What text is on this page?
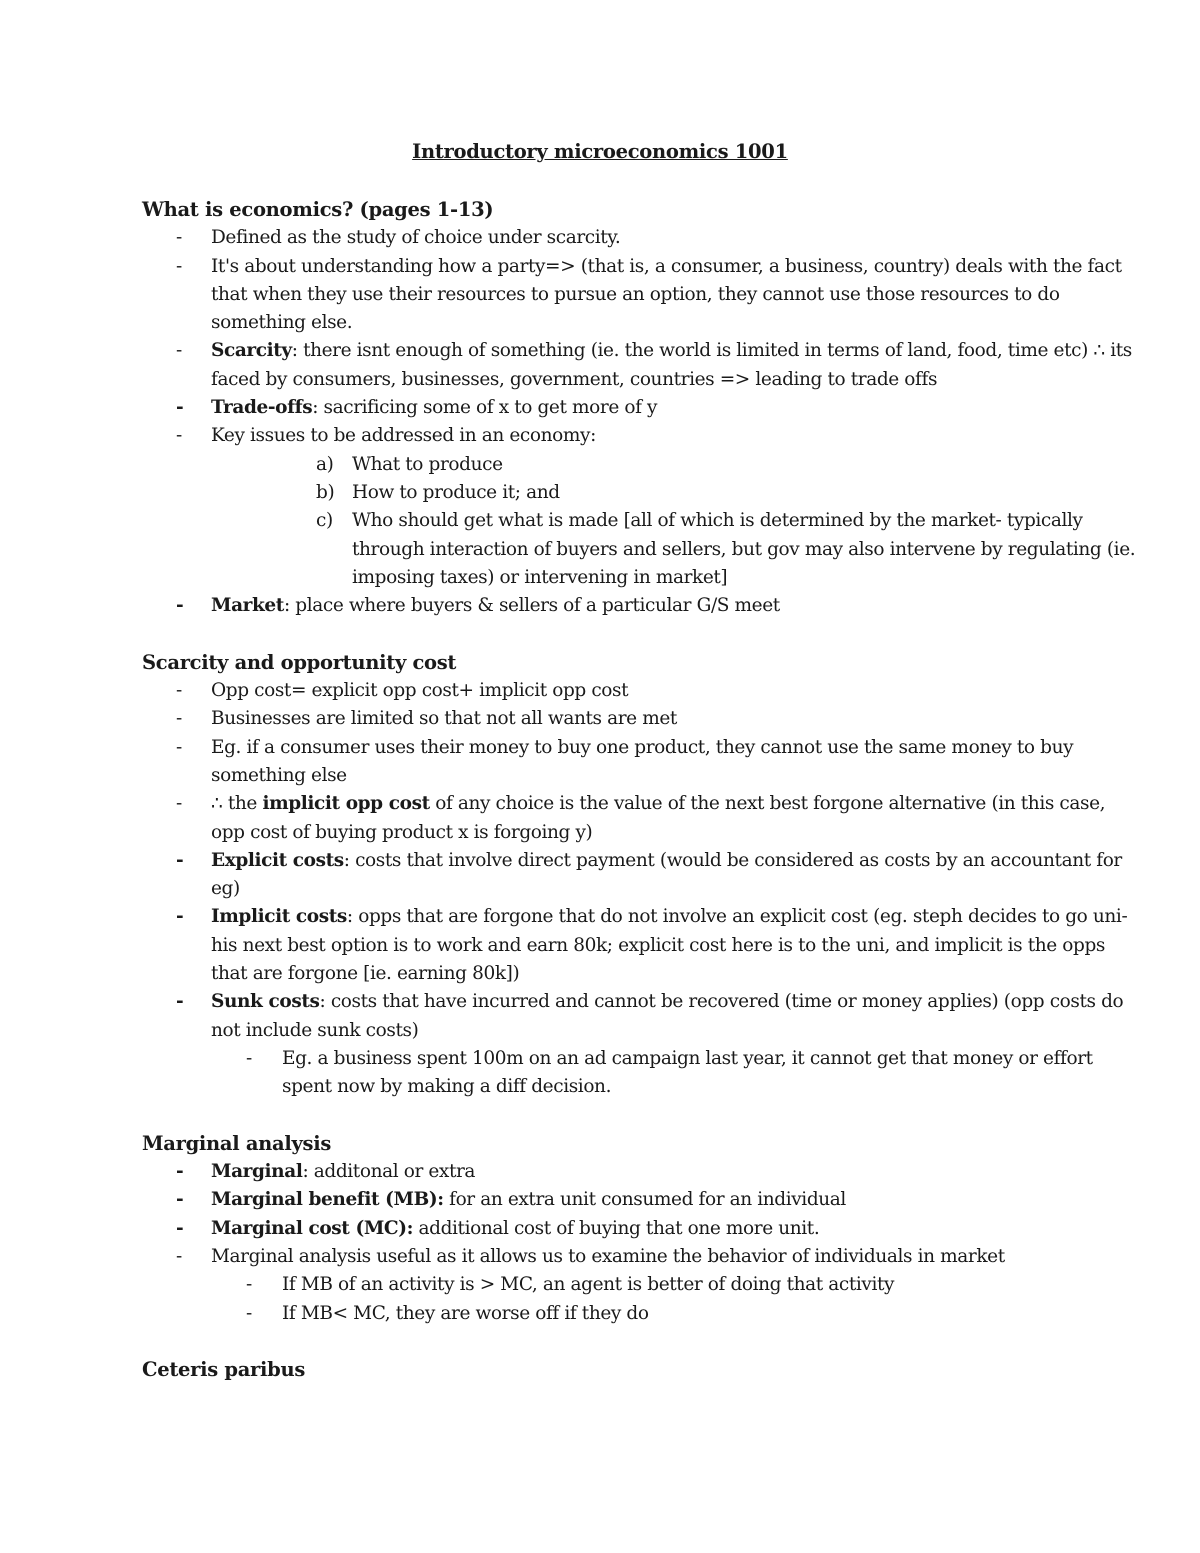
Introductory microeconomics 1001
What is economics? (pages 1-13)
- Defined as the study of choice under scarcity.
- It's about understanding how a party=> (that is, a consumer, a business, country) deals with the fact that when they use their resources to pursue an option, they cannot use those resources to do something else.
- Scarcity: there isnt enough of something (ie. the world is limited in terms of land, food, time etc) ∴ its faced by consumers, businesses, government, countries => leading to trade offs
- Trade-offs: sacrificing some of x to get more of y
- Key issues to be addressed in an economy:
a) What to produce
b) How to produce it; and
c) Who should get what is made [all of which is determined by the market- typically through interaction of buyers and sellers, but gov may also intervene by regulating (ie. imposing taxes) or intervening in market]
- Market: place where buyers & sellers of a particular G/S meet
Scarcity and opportunity cost
- Opp cost= explicit opp cost+ implicit opp cost
- Businesses are limited so that not all wants are met
- Eg. if a consumer uses their money to buy one product, they cannot use the same money to buy something else
- ∴ the implicit opp cost of any choice is the value of the next best forgone alternative (in this case, opp cost of buying product x is forgoing y)
- Explicit costs: costs that involve direct payment (would be considered as costs by an accountant for eg)
- Implicit costs: opps that are forgone that do not involve an explicit cost (eg. steph decides to go uni- his next best option is to work and earn 80k; explicit cost here is to the uni, and implicit is the opps that are forgone [ie. earning 80k])
- Sunk costs: costs that have incurred and cannot be recovered (time or money applies) (opp costs do not include sunk costs)
- Eg. a business spent 100m on an ad campaign last year, it cannot get that money or effort spent now by making a diff decision.
Marginal analysis
- Marginal: additonal or extra
- Marginal benefit (MB): for an extra unit consumed for an individual
- Marginal cost (MC): additional cost of buying that one more unit.
- Marginal analysis useful as it allows us to examine the behavior of individuals in market
- If MB of an activity is > MC, an agent is better of doing that activity
- If MB< MC, they are worse off if they do
Ceteris paribus
